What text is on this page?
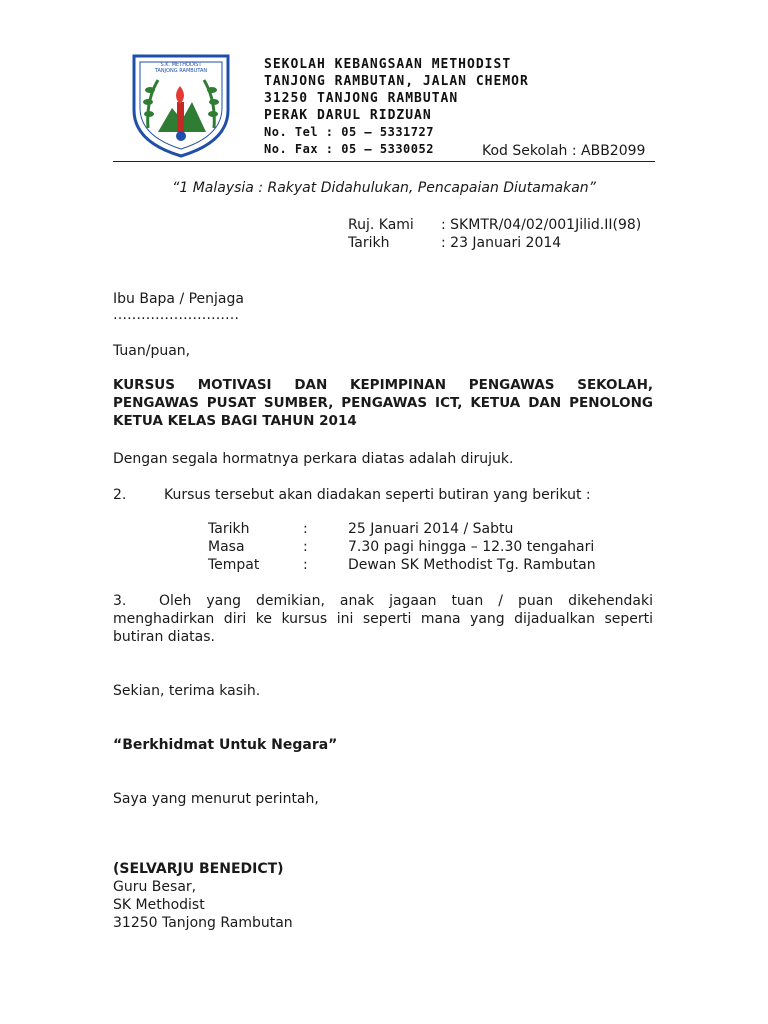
S.K. METHODIST TANJONG RAMBUTAN	SEKOLAH KEBANGSAAN METHODIST
TANJONG RAMBUTAN, JALAN CHEMOR
31250 TANJONG RAMBUTAN
PERAK DARUL RIDZUAN
No. Tel : 05 – 5331727
No. Fax : 05 – 5330052	Kod Sekolah : ABB2099
“1 Malaysia : Rakyat Didahulukan, Pencapaian Diutamakan”
Ruj. Kami : SKMTR/04/02/001Jilid.II(98)
Tarikh	: 23 Januari 2014
Ibu Bapa / Penjaga
………………………
Tuan/puan,
KURSUS MOTIVASI DAN KEPIMPINAN PENGAWAS SEKOLAH, PENGAWAS PUSAT SUMBER, PENGAWAS ICT, KETUA DAN PENOLONG KETUA KELAS BAGI TAHUN 2014
Dengan segala hormatnya perkara diatas adalah dirujuk.
2.	Kursus tersebut akan diadakan seperti butiran yang berikut :
Tarikh	:	25 Januari 2014 / Sabtu
Masa	:	7.30 pagi hingga – 12.30 tengahari
Tempat	:	Dewan SK Methodist Tg. Rambutan
3. Oleh yang demikian, anak jagaan tuan / puan dikehendaki menghadirkan diri ke kursus ini seperti mana yang dijadualkan seperti butiran diatas.
Sekian, terima kasih.
“Berkhidmat Untuk Negara”
Saya yang menurut perintah,
(SELVARJU BENEDICT)
Guru Besar,
SK Methodist
31250 Tanjong Rambutan
